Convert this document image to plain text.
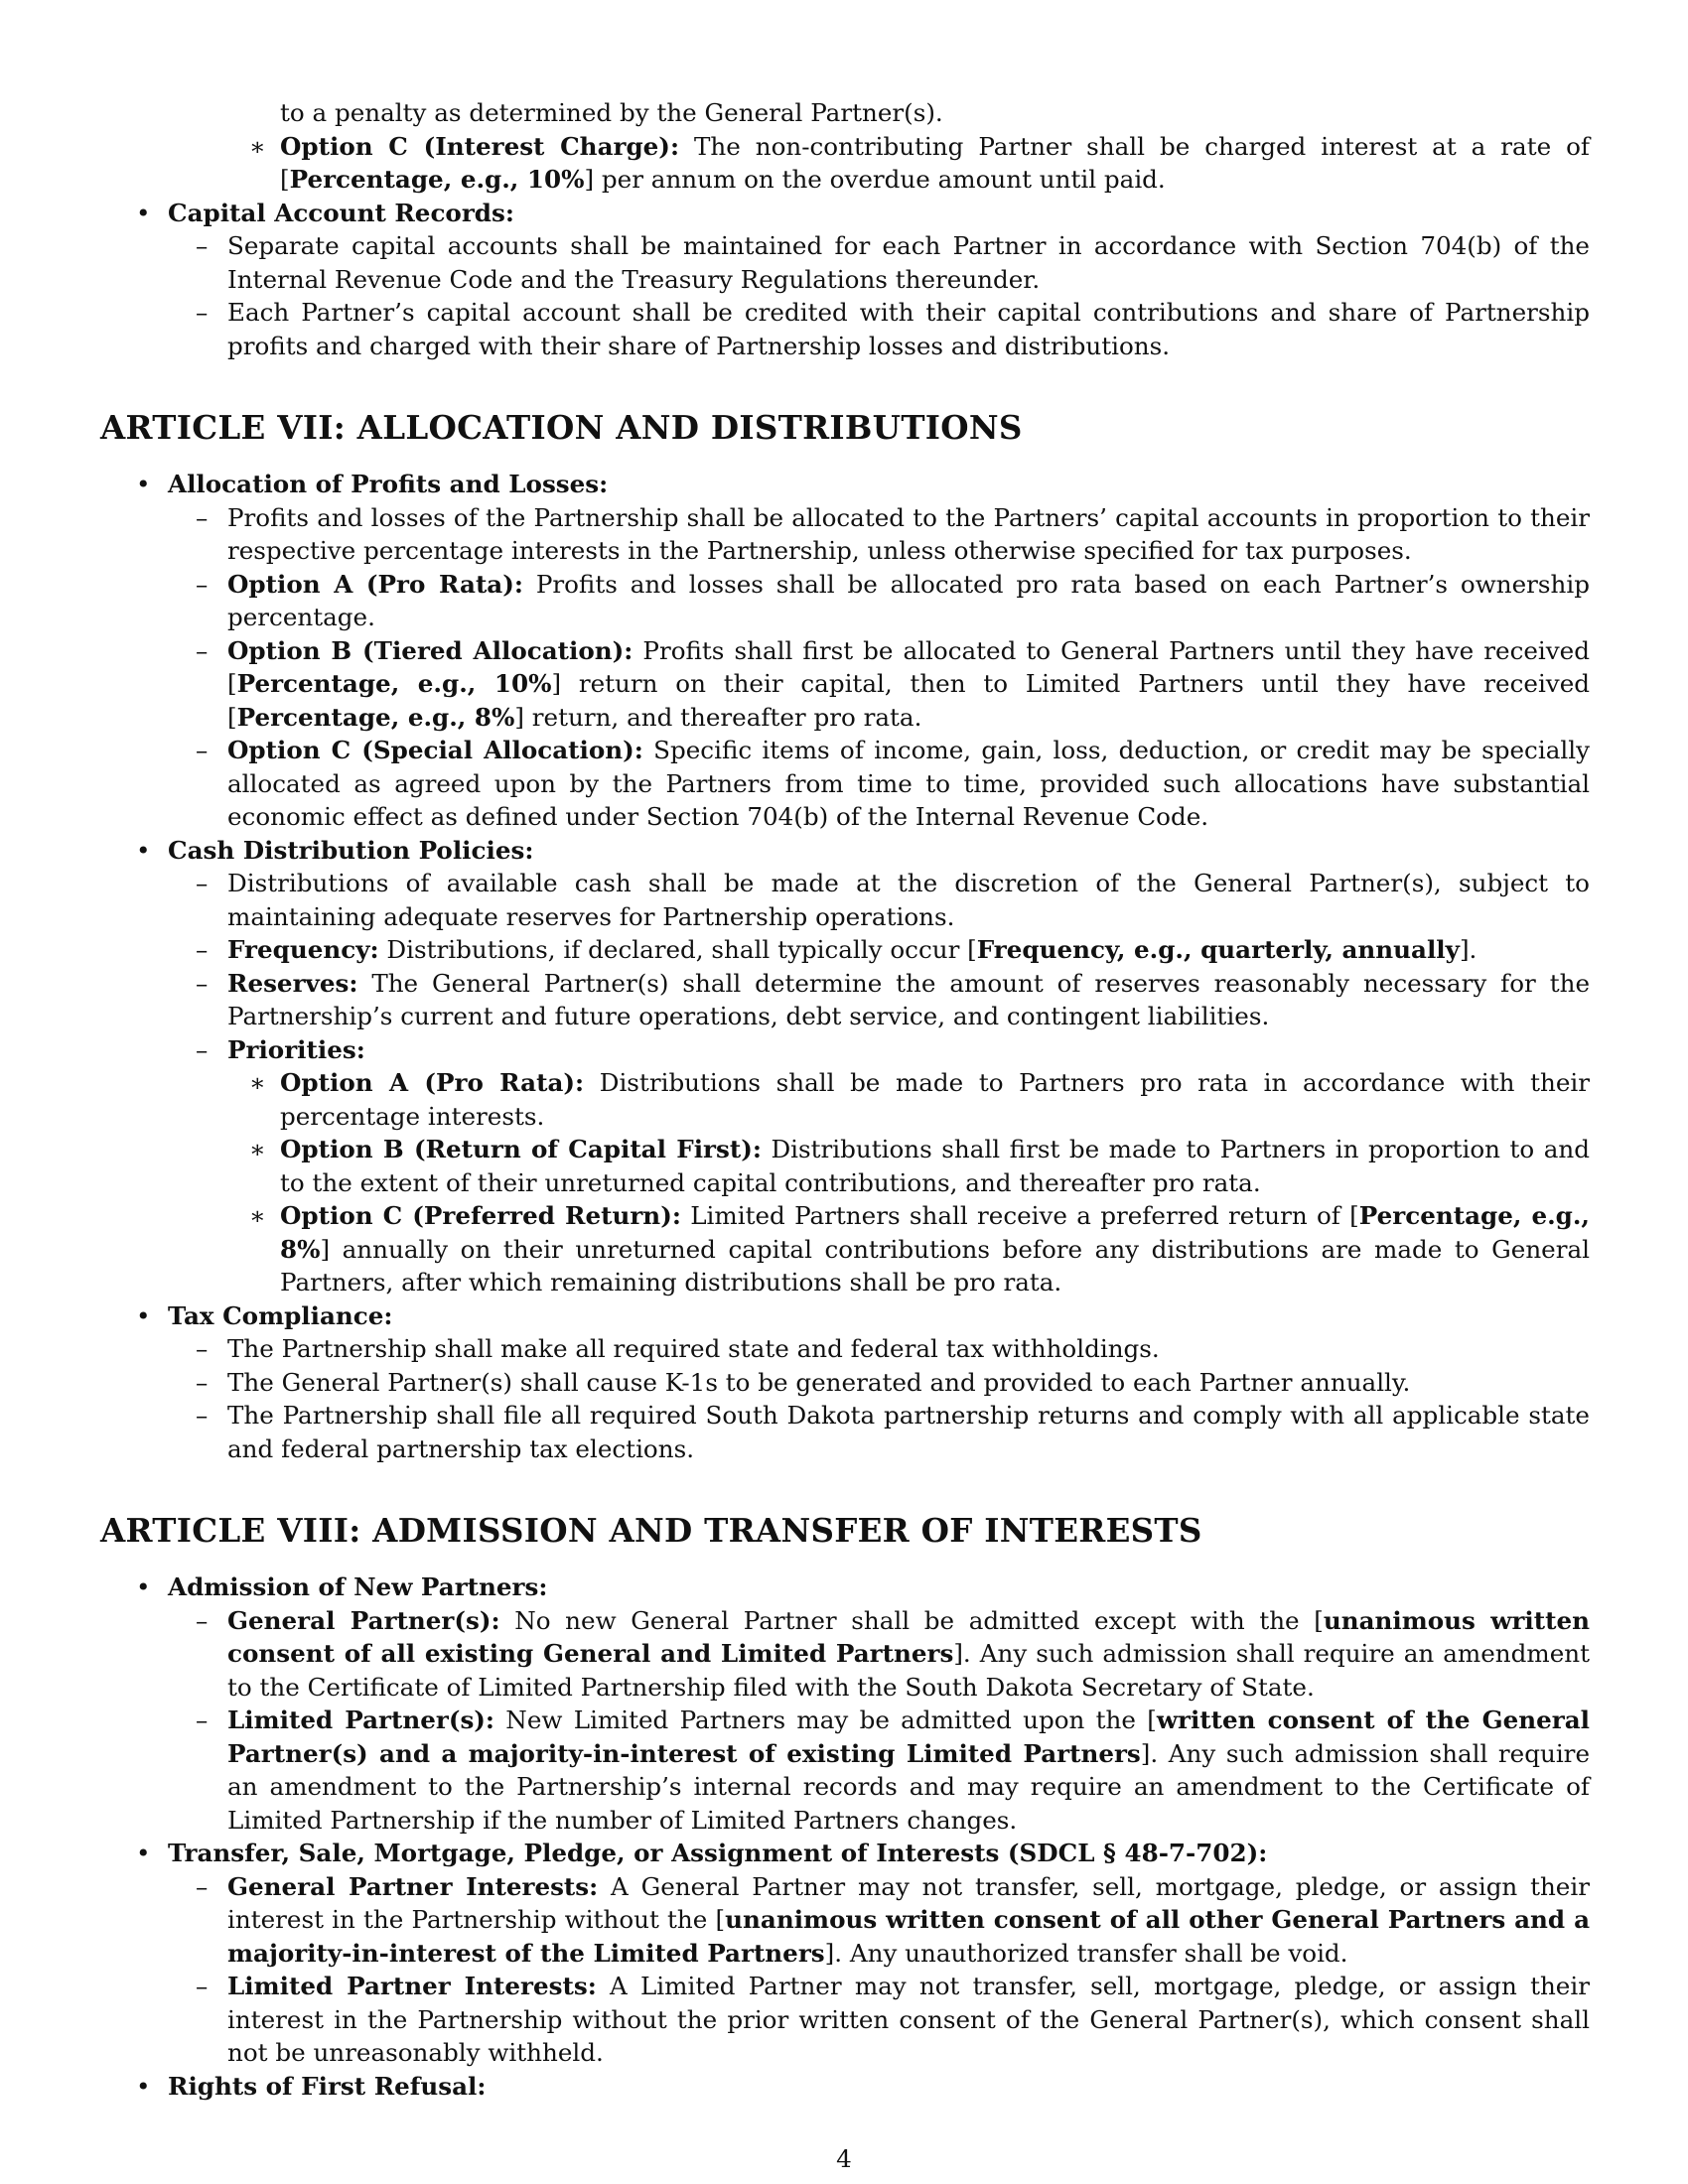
to a penalty as determined by the General Partner(s).

∗ Option C (Interest Charge): The non-contributing Partner shall be charged interest at a rate of [Percentage, e.g., 10%] per annum on the overdue amount until paid.

• Capital Account Records:

– Separate capital accounts shall be maintained for each Partner in accordance with Section 704(b) of the Internal Revenue Code and the Treasury Regulations thereunder.

– Each Partner’s capital account shall be credited with their capital contributions and share of Partnership profits and charged with their share of Partnership losses and distributions.

ARTICLE VII: ALLOCATION AND DISTRIBUTIONS

• Allocation of Profits and Losses:

– Profits and losses of the Partnership shall be allocated to the Partners’ capital accounts in proportion to their respective percentage interests in the Partnership, unless otherwise specified for tax purposes.

– Option A (Pro Rata): Profits and losses shall be allocated pro rata based on each Partner’s ownership percentage.

– Option B (Tiered Allocation): Profits shall first be allocated to General Partners until they have received [Percentage, e.g., 10%] return on their capital, then to Limited Partners until they have received [Percentage, e.g., 8%] return, and thereafter pro rata.

– Option C (Special Allocation): Specific items of income, gain, loss, deduction, or credit may be specially allocated as agreed upon by the Partners from time to time, provided such allocations have substantial economic effect as defined under Section 704(b) of the Internal Revenue Code.

• Cash Distribution Policies:

– Distributions of available cash shall be made at the discretion of the General Partner(s), subject to maintaining adequate reserves for Partnership operations.

– Frequency: Distributions, if declared, shall typically occur [Frequency, e.g., quarterly, annually].

– Reserves: The General Partner(s) shall determine the amount of reserves reasonably necessary for the Partnership’s current and future operations, debt service, and contingent liabilities.

– Priorities:

∗ Option A (Pro Rata): Distributions shall be made to Partners pro rata in accordance with their percentage interests.

∗ Option B (Return of Capital First): Distributions shall first be made to Partners in proportion to and to the extent of their unreturned capital contributions, and thereafter pro rata.

∗ Option C (Preferred Return): Limited Partners shall receive a preferred return of [Percentage, e.g., 8%] annually on their unreturned capital contributions before any distributions are made to General Partners, after which remaining distributions shall be pro rata.

• Tax Compliance:

– The Partnership shall make all required state and federal tax withholdings.

– The General Partner(s) shall cause K-1s to be generated and provided to each Partner annually.

– The Partnership shall file all required South Dakota partnership returns and comply with all applicable state and federal partnership tax elections.

ARTICLE VIII: ADMISSION AND TRANSFER OF INTERESTS

• Admission of New Partners:

– General Partner(s): No new General Partner shall be admitted except with the [unanimous written consent of all existing General and Limited Partners]. Any such admission shall require an amendment to the Certificate of Limited Partnership filed with the South Dakota Secretary of State.

– Limited Partner(s): New Limited Partners may be admitted upon the [written consent of the General Partner(s) and a majority-in-interest of existing Limited Partners]. Any such admission shall require an amendment to the Partnership’s internal records and may require an amendment to the Certificate of Limited Partnership if the number of Limited Partners changes.

• Transfer, Sale, Mortgage, Pledge, or Assignment of Interests (SDCL § 48-7-702):

– General Partner Interests: A General Partner may not transfer, sell, mortgage, pledge, or assign their interest in the Partnership without the [unanimous written consent of all other General Partners and a majority-in-interest of the Limited Partners]. Any unauthorized transfer shall be void.

– Limited Partner Interests: A Limited Partner may not transfer, sell, mortgage, pledge, or assign their interest in the Partnership without the prior written consent of the General Partner(s), which consent shall not be unreasonably withheld.

• Rights of First Refusal:

4
